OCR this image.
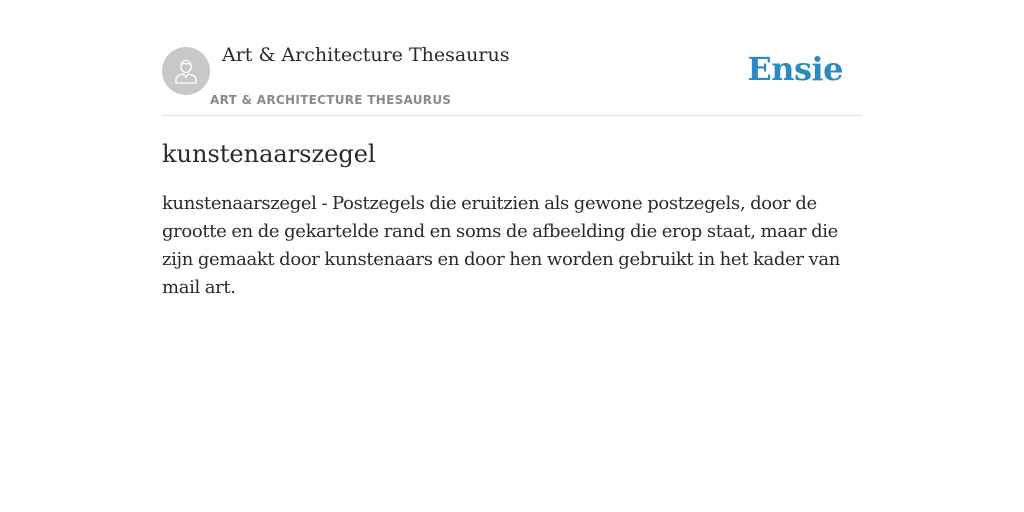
Art & Architecture Thesaurus
ART & ARCHITECTURE THESAURUS
Ensie
kunstenaarszegel

kunstenaarszegel - Postzegels die eruitzien als gewone postzegels, door de grootte en de gekartelde rand en soms de afbeelding die erop staat, maar die zijn gemaakt door kunstenaars en door hen worden gebruikt in het kader van mail art.
